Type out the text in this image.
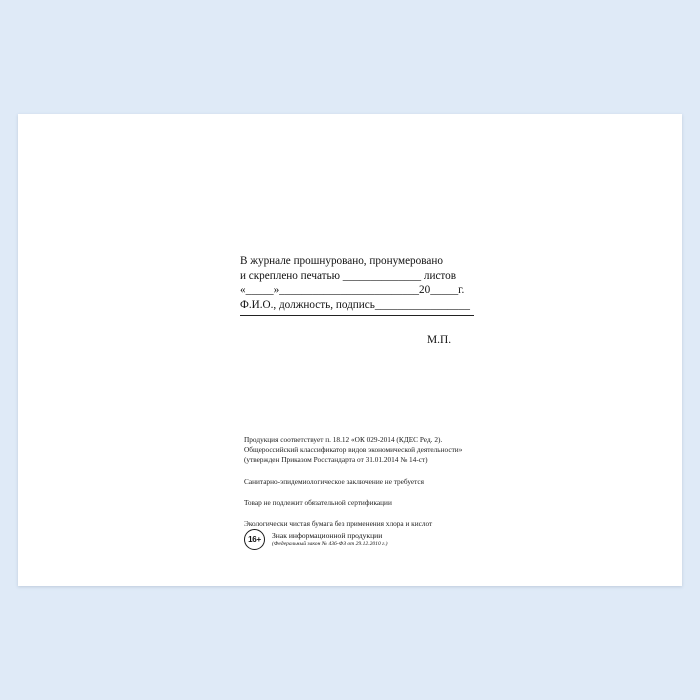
В журнале прошнуровано, пронумеровано
и скреплено печатью ______________ листов
«_____»_________________________20_____г.
Ф.И.О., должность, подпись_________________
М.П.
Продукция соответствует п. 18.12 «ОК 029-2014 (КДЕС Ред. 2).
Общероссийский классификатор видов экономической деятельности»
(утвержден Приказом Росстандарта от 31.01.2014 № 14-ст)
Санитарно-эпидемиологическое заключение не требуется
Товар не подлежит обязательной сертификации
Экологически чистая бумага без применения хлора и кислот
16+	Знак информационной продукции
(Федеральный закон № 436-ФЗ от 29.12.2010 г.)
